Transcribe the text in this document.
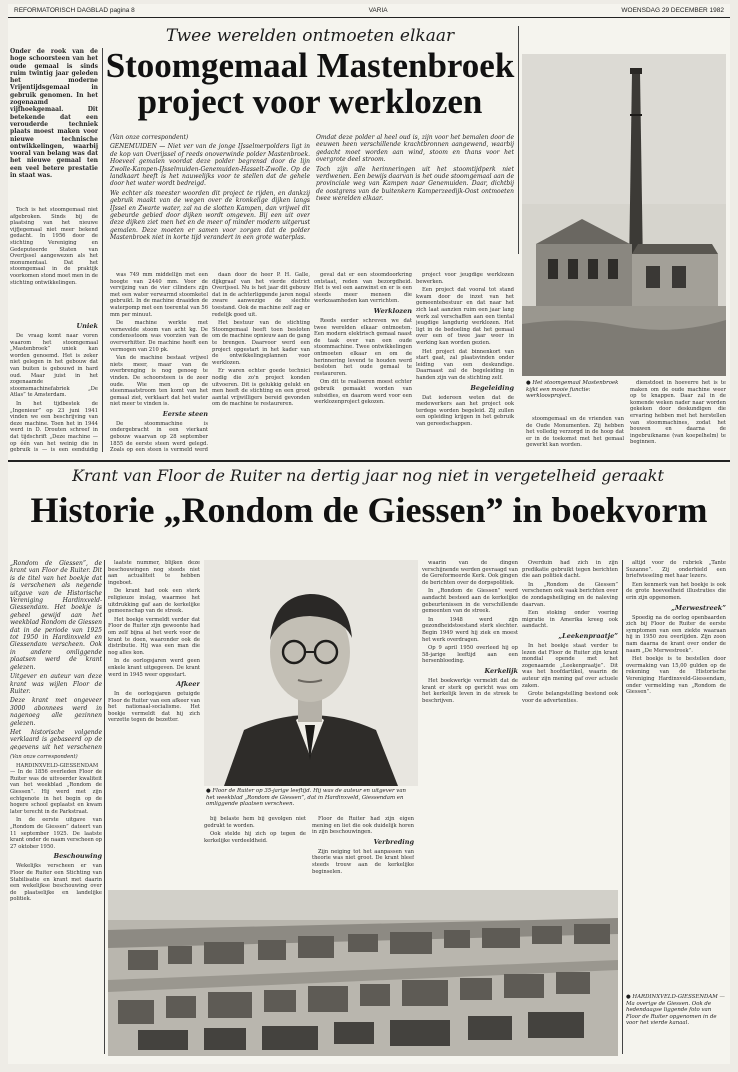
REFORMATORISCH DAGBLAD pagina 8	VARIA	WOENSDAG 29 DECEMBER 1982

Onder de rook van de hoge schoorsteen van het oude gemaal is sinds ruim twintig jaar geleden het moderne Vrijentijdsgemaal in gebruik genomen. In het zogenaamd vijfhoekgemaal. Dit betekende dat een verouderde techniek plaats moest maken voor nieuwe technische ontwikkelingen, waarbij vooral van belang was dat het nieuwe gemaal ten een veel betere prestatie in staat was.

Toch is het stoomgemaal niet afgebroken. Sinds bij de plaatsing van het nieuwe vijfjegemaal niet meer bekend gedacht. In 1956 door de stichting Vereniging en Gedeputeerde Staten van Overijssel aangewezen als het monumentaal. Dat het stoomgemaal in de praktijk voorkomen stond moet men in de stichting ontwikkelingen.

Uniek

De vraag komt naar voren waarom het stoomgemaal „Mastenbroek” uniek kan worden genoemd. Het is zeker niet gelegen in het gebouw dat van buiten is gebouwd in hard oud. Maar juist in het zogenaamde stoomsmachinefabriek „De Atlas” te Amsterdam.

In het tijdbestek de „Ingenieur” op 23 juni 1941 vinden we een beschrijving van deze machine. Toen het in 1944 werd in D. Drouten schreef in dat tijdschrift „Deze machine — op één van het weinig die in gebruik is — is een eenduidig

Twee werelden ontmoeten elkaar
Stoomgemaal Mastenbroek
project voor werklozen
(Van onze correspondent)
GENEMUIDEN — Niet ver van de jonge IJsselmerpolders ligt in de kop van Overijssel of reeds onoverwinde polder Mastenbroek. Hoeveel gemalen voordat deze polder begrensd door de lijn Zwolle-Kampen-IJsselmuiden-Genemuiden-Hasselt-Zwolle. Op de landkaart heeft is het nauwelijks voor te stellen dat de gehele door het water wordt bedreigd.
We echter als meester woorden dit project te rijden, en dankzij gebruik maakt van de wegen over de kronkelige dijken langs IJssel en Zwarte water, zal na de slotten Kampen, dan vrijwel dit gebeurde gebied door dijken wordt omgeven. Bij een uit over deze dijken ziet men het en de meer of minder modern uitgerust gemalen. Deze moeten er samen voor zorgen dat de polder Mastenbroek niet in korte tijd verandert in een grote waterplas.
Omdat deze polder al heel oud is, zijn voor het bemalen door de eeuwen heen verschillende krachtbronnen aangewend, waarbij gedacht moet worden aan wind, stoom en thans voor het overgrote deel stroom.
Toch zijn alle herinneringen uit het stoomtijdperk niet verdwenen. Een bewijs daarvan is het oude stoomgemaal aan de provinciale weg van Kampen naar Genemuiden. Daar, dichtbij de oostgrens van de buitenkern Kamperzeedijk-Oost ontmoeten twee werelden elkaar.

was 749 mm middellijn met een hoogte van 2440 mm. Voor de vervijzing van de vier cilinders zijn met een water verwarmd stoomketel gebruikt. In de machine draaiden de waterpomp met een toerental van 56 mm per minuut.

De machine werkte met vernevelde stoom van acht kg. De condensstoom was voorzien van de oververhitter. De machine heeft een vermogen van 210 pk.

Van de machine bestaat vrijwel niets meer, maar van de overbrenging is nog genoeg te vinden. De schoorsteen is de zeer oude. Wie men op de steenmaatstroom ten komt van het gemaal ziet, verklaart dat het water niet meer te vinden is.

Eerste steen

De stoommachine is ondergebracht in een vierkant gebouw waarvan op 28 september 1855 de eerste steen werd gelegd. Zoals op een steen is vermeld werd

daan door de heer P. H. Galle, dijkgraaf van het vierde district Overijssel. Nu is het jaar dit gebouw dat in de achterliggende jaren nogal zware aanwezige de slechte toestand. Ook de machine zelf zag er redelijk goed uit.

Het bestuur van de stichting Stoomgemaal heeft toen besloten om de machine opnieuw aan de gang te brengen. Daarvoor werd een project opgestart in het kader van de ontwikkelingsplannen voor werklozen.

Er waren echter goede technici nodig die zo'n project konden uitvoeren. Dit is gelukkig gelukt en men heeft de stichting en een groot aantal vrijwilligers bereid gevonden om de machine te restaureren.

geval dat er een stoomdoorkring ontstaat, reden van bezorgdheid. Het is wel een aanwinst en er is een steeds meer mensen die werkzaamheden kan verrichten.

Werklozen

Reeds eerder schreven we dat twee werelden elkaar ontmoeten. Een modern elektrisch gemaal naast de taak over van een oude stoommachine. Twee ontwikkelingen ontmoeten elkaar en om de herinnering levend te houden werd besloten het oude gemaal te restaureren.

Om dit te realiseren moest echter gebruik gemaakt worden van subsidies, en daarom werd voor een werklozenproject gekozen.

project voor jeugdige werklozen bewerken.

Een project dat vooral tot stand kwam door de inzet van het gemeentebestuur en dat naar het zich laat aanzien ruim een jaar lang werk zal verschaffen aan een tiental jeugdige langdurig werklozen. Het ligt in de bedoeling dat het gemaal over een of twee jaar weer in werking kan worden gezien.

Het project dat binnenkort van start gaat, zal plaatsvinden onder leiding van een deskundige. Daarnaast zal de begeleiding in handen zijn van de stichting zelf.

Begeleiding

Dat iedereen weten dat de medewerkers aan het project ook terdege worden begeleid. Zij zullen een opleiding krijgen in het gebruik van gereedschappen.

● Het stoomgemaal Mastenbroek kijkt een mooie functie: werkloosproject.

stoomgemaal en de vrienden van de Oude Monumenten. Zij hebben het volledig verzorgd in de hoop dat er in de toekomst met het gemaal gewerkt kan worden.

dienstdoet in hoeverre het is te maken om de oude machine weer op te knappen. Daar zal in de komende weken nader naar worden gekeken door deskundigen die ervaring hebben met het herstellen van stoommachines, zodat het bouwen en daarna de ingebruikname (van koepelhelm) te beginnen.

Krant van Floor de Ruiter na dertig jaar nog niet in vergetelheid geraakt
Historie „Rondom de Giessen” in boekvorm
„Rondom de Giessen”, de krant van Floor de Ruiter. Dit is de titel van het boekje dat is verschenen als negende uitgave van de Historische Vereniging Hardinxveld-Giessendam. Het boekje is geheel gewijd aan het weekblad Rondom de Giessen dat in de periode van 1925 tot 1950 in Hardinxveld en Giessendam verscheen. Ook in andere omliggende plaatsen werd de krant gelezen.
Uitgever en auteur van deze krant was wijlen Floor de Ruiter.
Deze krant met ongeveer 3000 abonnees werd in nagenoeg alle gezinnen gelezen.
Het historische volgende verklaard is gebaseerd op de gegevens uit het verschenen
(Van onze correspondent)

HARDINXVELD-GIESSENDAM — In de 1856 overleden Floor de Ruiter was de uitvoerder kwaliteit van het weekblad „Rondom de Giessen”. Hij werd met zijn echtgenote in het begin op de hogere school geplaatst en kwam later terecht in de Parkstraat.

In de eerste uitgave van „Rondom de Giessen” dateert van 11 september 1925. De laatste krant onder de naam verscheen op 27 oktober 1950.

Beschouwing

Wekelijks verscheen er van Floor de Ruiter een Stichting van Stabilisatie en krant met daarin een wekelijkse beschouwing over de plaatselijke en landelijke politiek.

laatste nummer, blijken deze beschouwingen nog steeds niet aan actualiteit te hebben ingeboet.

De krant had ook een sterk religieuze inslag, waarmee het uitdrukking gaf aan de kerkelijke gemeenschap van de streek.

Het boekje vermeldt verder dat Floor de Ruiter zijn gewoonte had om zelf bijna al het werk voor de krant te doen, waaronder ook de distributie. Hij was een man die nog alles kon.

In de oorlogsjaren werd geen enkele krant uitgegeven. De krant werd in 1945 weer opgestart.

Afkeer

In de oorlogsjaren getuigde Floor de Ruiter van een afkeer van het nationaal-socialisme. Het boekje vermeldt dat hij zich verzette tegen de bezetter.

● Floor de Ruiter op 35-jarige leeftijd. Hij was de auteur en uitgever van het weekblad „Rondom de Giessen”, dat in Hardinxveld, Giessendam en omliggende plaatsen verscheen.

bij belaste hem bij gevolgen niet gedrukt te worden.

Ook stelde hij zich op tegen de kerkelijke verdeeldheid.

Floor de Ruiter had zijn eigen mening en liet die ook duidelijk horen in zijn beschouwingen.

Verbreding

Zijn neiging tot het aanpassen van theorie was niet groot. De krant bleef steeds trouw aan de kerkelijke beginselen.

waarin van de dingen verschijnende werden gevraagd van de Gereformeerde Kerk. Ook gingen de berichten over de dorpspolitiek.

In „Rondom de Giessen” werd aandacht besteed aan de kerkelijke gebeurtenissen in de verschillende gemeenten van de streek.

In 1948 werd zijn gezondheidstoestand sterk slechter. Begin 1949 werd hij ziek en moest het werk overdragen.

Op 9 april 1950 overleed hij op 58-jarige leeftijd aan een hersenbloeding.

Kerkelijk

Het boekwerkje vermeldt dat de krant er sterk op gericht was om het kerkelijk leven in de streek te beschrijven.

Overduin had zich in zijn predikatie gebruikt tegen berichten die aan politiek dacht.

In „Rondom de Giessen” verschenen ook vaak berichten over de zondagsheiliging en de naleving daarvan.

Een stoking onder voering migratie in Amerika kreeg ook aandacht.

„Leekenpraatje”

In het boekje staat verder te lezen dat Floor de Ruiter zijn krant mondial opende met het zogenaamde „Leekenpraatje”. Dit was het hoofdartikel, waarin de auteur zijn mening gaf over actuele zaken.

Grote belangstelling bestond ook voor de advertenties.

altijd voor de rubriek „Tante Suzanne”. Zij onderhield een briefwisseling met haar lezers.

Een kenmerk van het boekje is ook de grote hoeveelheid illustraties die erin zijn opgenomen.

„Merwestreek”

Spoedig na de oorlog openbaarden zich bij Floor de Ruiter de eerste symptomen van een ziekte waaraan hij in 1950 zou overlijden. Zijn zoon nam daarna de krant over onder de naam „De Merwestreek”.

Het boekje is te bestellen door overmaking van 15,00 gulden op de rekening van de Historische Vereniging Hardinxveld-Giessendam, onder vermelding van „Rondom de Giessen”.

● HARDINXVELD-GIESSENDAM — Ma overige de Giessen. Ook de hedendaagse liggende foto van Floor de Ruiter opgenomen in de voor het vierde kanaal.
